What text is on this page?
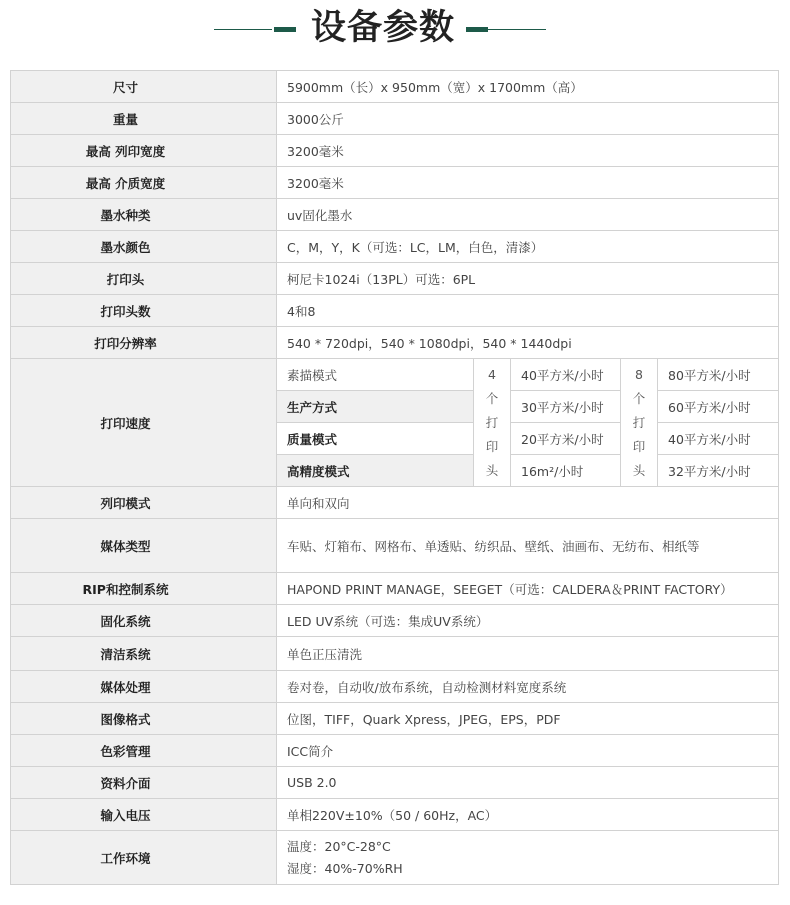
设备参数
尺寸	5900mm（长）x 950mm（宽）x 1700mm（高）				
重量	3000公斤				
最高 列印宽度	3200毫米				
最高 介质宽度	3200毫米				
墨水种类	uv固化墨水				
墨水颜色	C，M，Y，K（可选：LC，LM，白色，清漆）				
打印头	柯尼卡1024i（13PL）可选：6PL				
打印头数	4和8				
打印分辨率	540 * 720dpi，540 * 1080dpi，540 * 1440dpi				
打印速度	素描模式	4个打印头	40平方米/小时	8个打印头	80平方米/小时
	生产方式		30平方米/小时		60平方米/小时
	质量模式		20平方米/小时		40平方米/小时
	高精度模式		16m²/小时		32平方米/小时
列印模式	单向和双向				
媒体类型	车贴、灯箱布、网格布、单透贴、纺织品、壁纸、油画布、无纺布、相纸等				
RIP和控制系统	HAPOND PRINT MANAGE，SEEGET（可选：CALDERA＆PRINT FACTORY）				
固化系统	LED UV系统（可选：集成UV系统）				
清洁系统	单色正压清洗				
媒体处理	卷对卷，自动收/放布系统，自动检测材料宽度系统				
图像格式	位图，TIFF，Quark Xpress，JPEG，EPS，PDF				
色彩管理	ICC简介				
资料介面	USB 2.0				
输入电压	单相220V±10%（50 / 60Hz，AC）				
工作环境	温度：20°C-28°C
湿度：40%-70%RH				
